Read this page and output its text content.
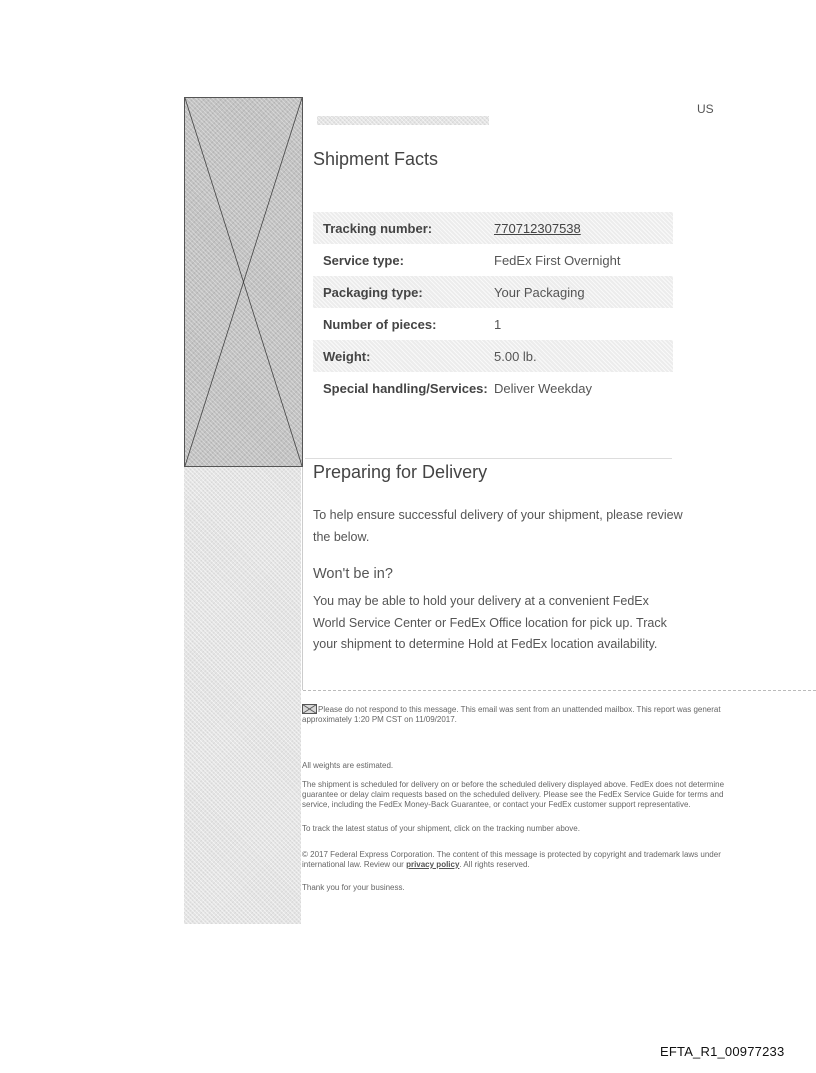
US
Shipment Facts
Tracking number:	770712307538
Service type:	FedEx First Overnight
Packaging type:	Your Packaging
Number of pieces:	1
Weight:	5.00 lb.
Special handling/Services: Deliver Weekday
Preparing for Delivery
To help ensure successful delivery of your shipment, please review
the below.
Won't be in?
You may be able to hold your delivery at a convenient FedEx
World Service Center or FedEx Office location for pick up. Track
your shipment to determine Hold at FedEx location availability.
Please do not respond to this message. This email was sent from an unattended mailbox. This report was generat
approximately 1:20 PM CST on 11/09/2017.
All weights are estimated.
The shipment is scheduled for delivery on or before the scheduled delivery displayed above. FedEx does not determine
guarantee or delay claim requests based on the scheduled delivery. Please see the FedEx Service Guide for terms and
service, including the FedEx Money-Back Guarantee, or contact your FedEx customer support representative.
To track the latest status of your shipment, click on the tracking number above.
© 2017 Federal Express Corporation. The content of this message is protected by copyright and trademark laws under
international law. Review our privacy policy. All rights reserved.
Thank you for your business.
EFTA_R1_00977233
